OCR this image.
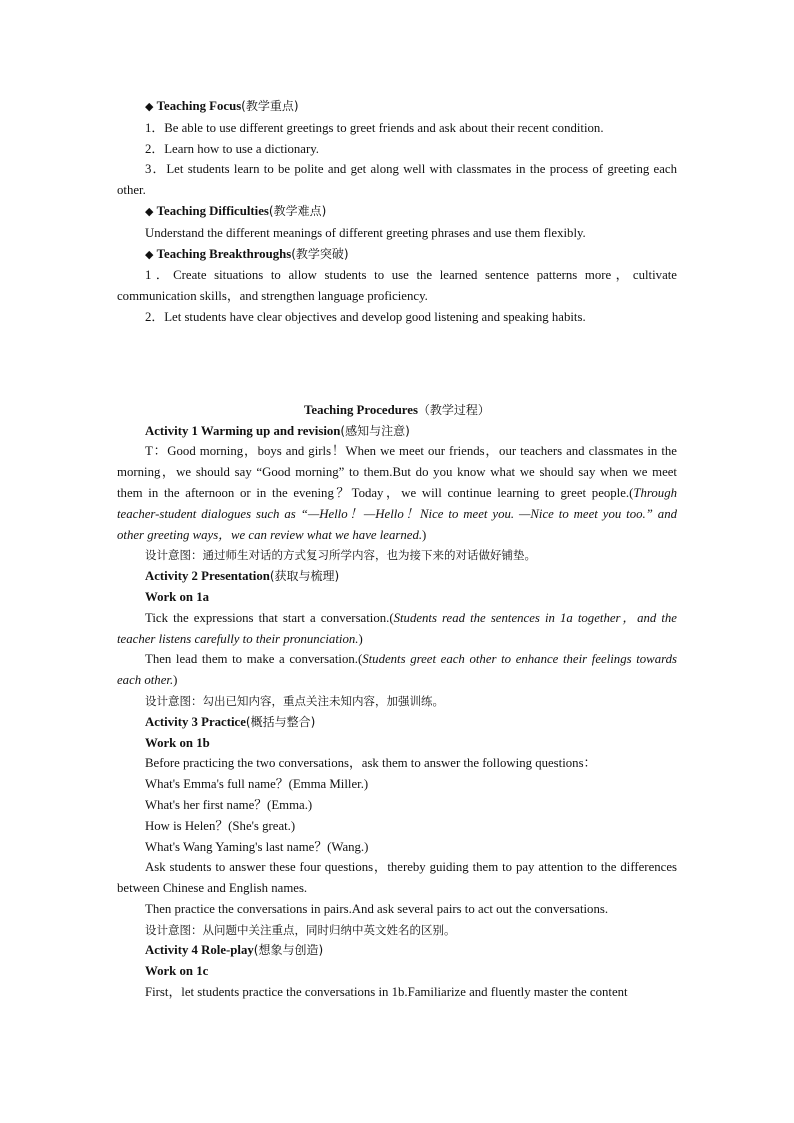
◆ Teaching Focus(教学重点)

1．Be able to use different greetings to greet friends and ask about their recent condition.

2．Learn how to use a dictionary.

3．Let students learn to be polite and get along well with classmates in the process of greeting each other.

◆ Teaching Difficulties(教学难点)

Understand the different meanings of different greeting phrases and use them flexibly.

◆ Teaching Breakthroughs(教学突破)

1．Create situations to allow students to use the learned sentence patterns more，cultivate communication skills，and strengthen language proficiency.

2．Let students have clear objectives and develop good listening and speaking habits.

Teaching Procedures（教学过程）

Activity 1 Warming up and revision(感知与注意)

T：Good morning，boys and girls！When we meet our friends，our teachers and classmates in the morning，we should say “Good morning” to them.But do you know what we should say when we meet them in the afternoon or in the evening？Today，we will continue learning to greet people.(Through teacher-student dialogues such as “—Hello！—Hello！Nice to meet you. —Nice to meet you too.” and other greeting ways，we can review what we have learned.)

设计意图：通过师生对话的方式复习所学内容，也为接下来的对话做好铺垫。

Activity 2 Presentation(获取与梳理)

Work on 1a

Tick the expressions that start a conversation.(Students read the sentences in 1a together，and the teacher listens carefully to their pronunciation.)

Then lead them to make a conversation.(Students greet each other to enhance their feelings towards each other.)

设计意图：勾出已知内容，重点关注未知内容，加强训练。

Activity 3 Practice(概括与整合)

Work on 1b

Before practicing the two conversations，ask them to answer the following questions：

What's Emma's full name？(Emma Miller.)

What's her first name？(Emma.)

How is Helen？(She's great.)

What's Wang Yaming's last name？(Wang.)

Ask students to answer these four questions，thereby guiding them to pay attention to the differences between Chinese and English names.

Then practice the conversations in pairs.And ask several pairs to act out the conversations.

设计意图：从问题中关注重点，同时归纳中英文姓名的区别。

Activity 4 Role-play(想象与创造)

Work on 1c

First，let students practice the conversations in 1b.Familiarize and fluently master the content
